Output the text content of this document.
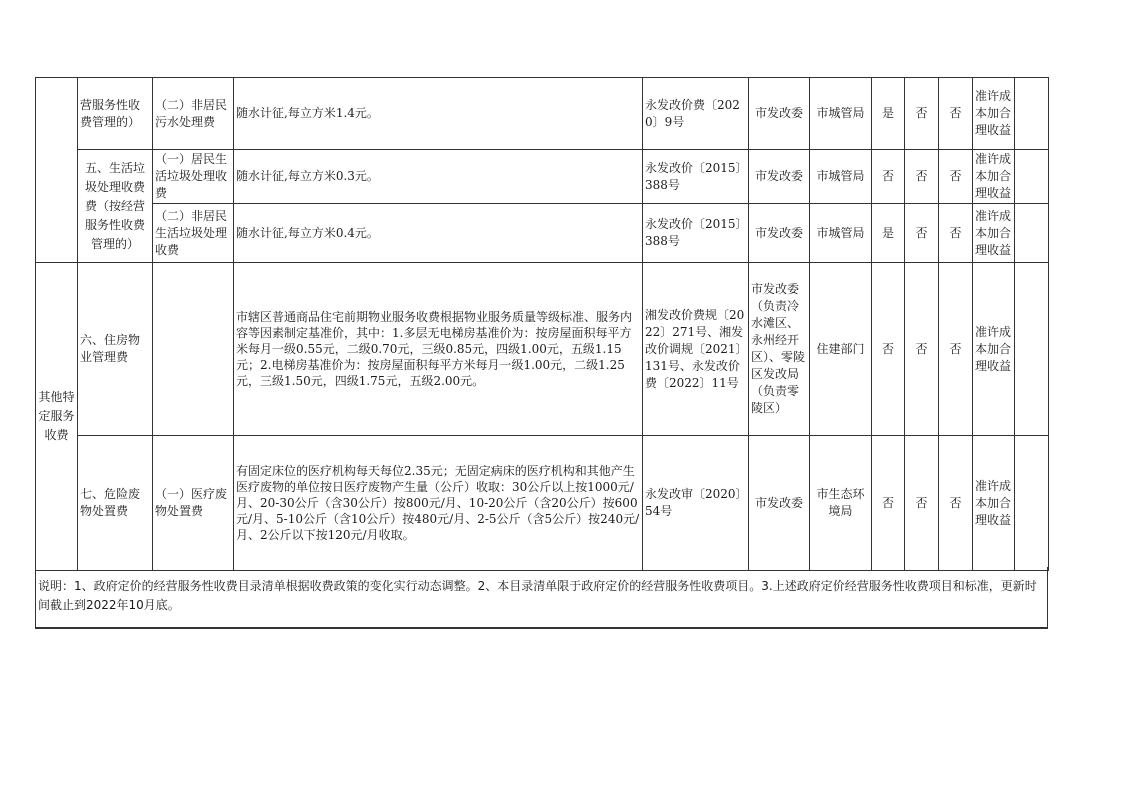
	营服务性收费管理的）	（二）非居民污水处理费	随水计征,每立方米1.4元。	永发改价费〔2020〕9号	市发改委	市城管局	是	否	否	准许成本加合理收益	
	五、生活垃圾处理收费费（按经营服务性收费管理的）	（一）居民生活垃圾处理收费	随水计征,每立方米0.3元。	永发改价〔2015〕388号	市发改委	市城管局	否	否	否	准许成本加合理收益	
		（二）非居民生活垃圾处理收费	随水计征,每立方米0.4元。	永发改价〔2015〕388号	市发改委	市城管局	是	否	否	准许成本加合理收益	
其他特定服务收费	六、住房物业管理费		市辖区普通商品住宅前期物业服务收费根据物业服务质量等级标准、服务内容等因素制定基准价，其中：1.多层无电梯房基准价为：按房屋面积每平方米每月一级0.55元，二级0.70元，三级0.85元，四级1.00元，五级1.15元；2.电梯房基准价为：按房屋面积每平方米每月一级1.00元，二级1.25元，三级1.50元，四级1.75元，五级2.00元。	湘发改价费规〔2022〕271号、湘发改价调规〔2021〕131号、永发改价费〔2022〕11号	市发改委（负责冷水滩区、永州经开区）、零陵区发改局（负责零陵区）	住建部门	否	否	否	准许成本加合理收益	
	七、危险废物处置费	（一）医疗废物处置费	有固定床位的医疗机构每天每位2.35元；无固定病床的医疗机构和其他产生医疗废物的单位按日医疗废物产生量（公斤）收取：30公斤以上按1000元/月、20-30公斤（含30公斤）按800元/月、10-20公斤（含20公斤）按600元/月、5-10公斤（含10公斤）按480元/月、2-5公斤（含5公斤）按240元/月、2公斤以下按120元/月收取。	永发改审〔2020〕54号	市发改委	市生态环境局	否	否	否	准许成本加合理收益	
说明：1、政府定价的经营服务性收费目录清单根据收费政策的变化实行动态调整。2、本目录清单限于政府定价的经营服务性收费项目。3.上述政府定价经营服务性收费项目和标准，更新时间截止到2022年10月底。
